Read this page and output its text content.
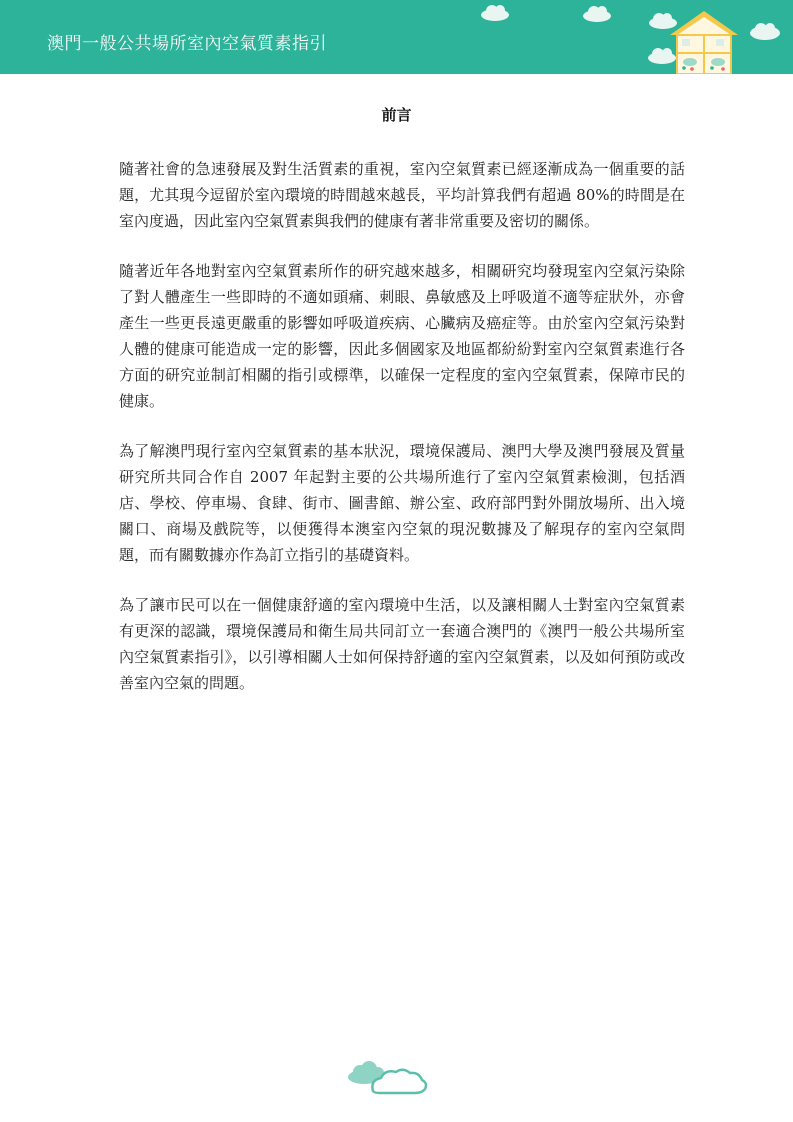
澳門一般公共場所室內空氣質素指引
前言

隨著社會的急速發展及對生活質素的重視，室內空氣質素已經逐漸成為一個重要的話題，尤其現今逗留於室內環境的時間越來越長，平均計算我們有超過 80%的時間是在室內度過，因此室內空氣質素與我們的健康有著非常重要及密切的關係。

隨著近年各地對室內空氣質素所作的研究越來越多，相關研究均發現室內空氣污染除了對人體產生一些即時的不適如頭痛、刺眼、鼻敏感及上呼吸道不適等症狀外，亦會產生一些更長遠更嚴重的影響如呼吸道疾病、心臟病及癌症等。由於室內空氣污染對人體的健康可能造成一定的影響，因此多個國家及地區都紛紛對室內空氣質素進行各方面的研究並制訂相關的指引或標準，以確保一定程度的室內空氣質素，保障市民的健康。

為了解澳門現行室內空氣質素的基本狀況，環境保護局、澳門大學及澳門發展及質量研究所共同合作自 2007 年起對主要的公共場所進行了室內空氣質素檢測，包括酒店、學校、停車場、食肆、街市、圖書館、辦公室、政府部門對外開放場所、出入境關口、商場及戲院等，以便獲得本澳室內空氣的現況數據及了解現存的室內空氣問題，而有關數據亦作為訂立指引的基礎資料。

為了讓市民可以在一個健康舒適的室內環境中生活，以及讓相關人士對室內空氣質素有更深的認識，環境保護局和衛生局共同訂立一套適合澳門的《澳門一般公共場所室內空氣質素指引》，以引導相關人士如何保持舒適的室內空氣質素，以及如何預防或改善室內空氣的問題。
